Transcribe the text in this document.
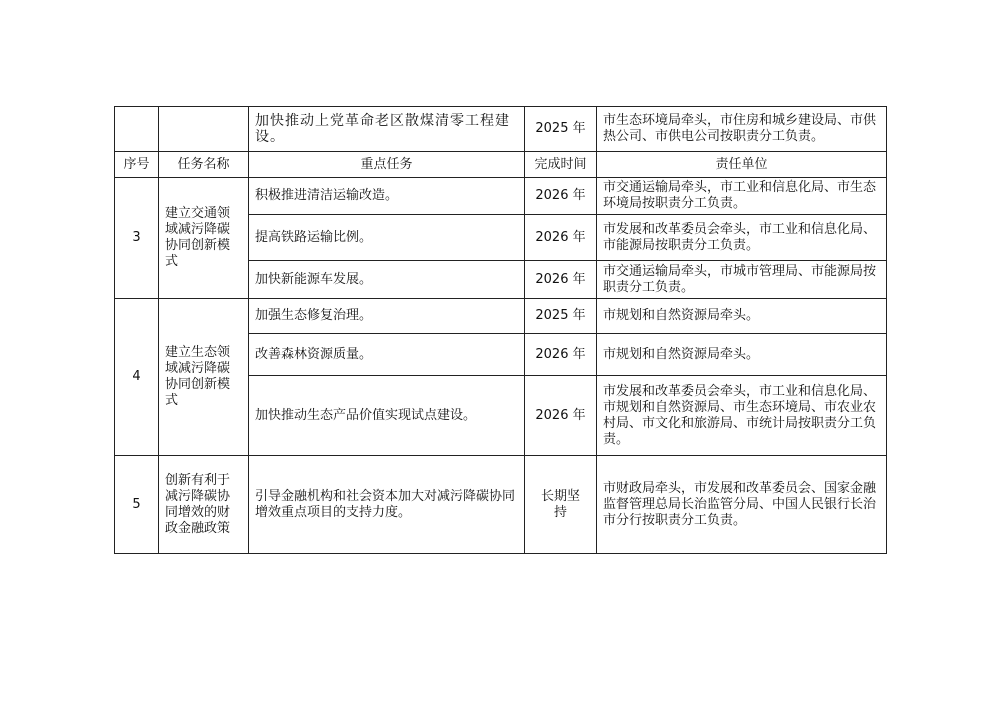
		加快推动上党革命老区散煤清零工程建设。	2025 年	市生态环境局牵头，市住房和城乡建设局、市供热公司、市供电公司按职责分工负责。
序号	任务名称	重点任务	完成时间	责任单位
3	建立交通领域减污降碳协同创新模式	积极推进清洁运输改造。	2026 年	市交通运输局牵头，市工业和信息化局、市生态环境局按职责分工负责。
		提高铁路运输比例。	2026 年	市发展和改革委员会牵头，市工业和信息化局、市能源局按职责分工负责。
		加快新能源车发展。	2026 年	市交通运输局牵头，市城市管理局、市能源局按职责分工负责。
4	建立生态领域减污降碳协同创新模式	加强生态修复治理。	2025 年	市规划和自然资源局牵头。
		改善森林资源质量。	2026 年	市规划和自然资源局牵头。
		加快推动生态产品价值实现试点建设。	2026 年	市发展和改革委员会牵头，市工业和信息化局、市规划和自然资源局、市生态环境局、市农业农村局、市文化和旅游局、市统计局按职责分工负责。
5	创新有利于减污降碳协同增效的财政金融政策	引导金融机构和社会资本加大对减污降碳协同增效重点项目的支持力度。	长期坚持	市财政局牵头，市发展和改革委员会、国家金融监督管理总局长治监管分局、中国人民银行长治市分行按职责分工负责。
